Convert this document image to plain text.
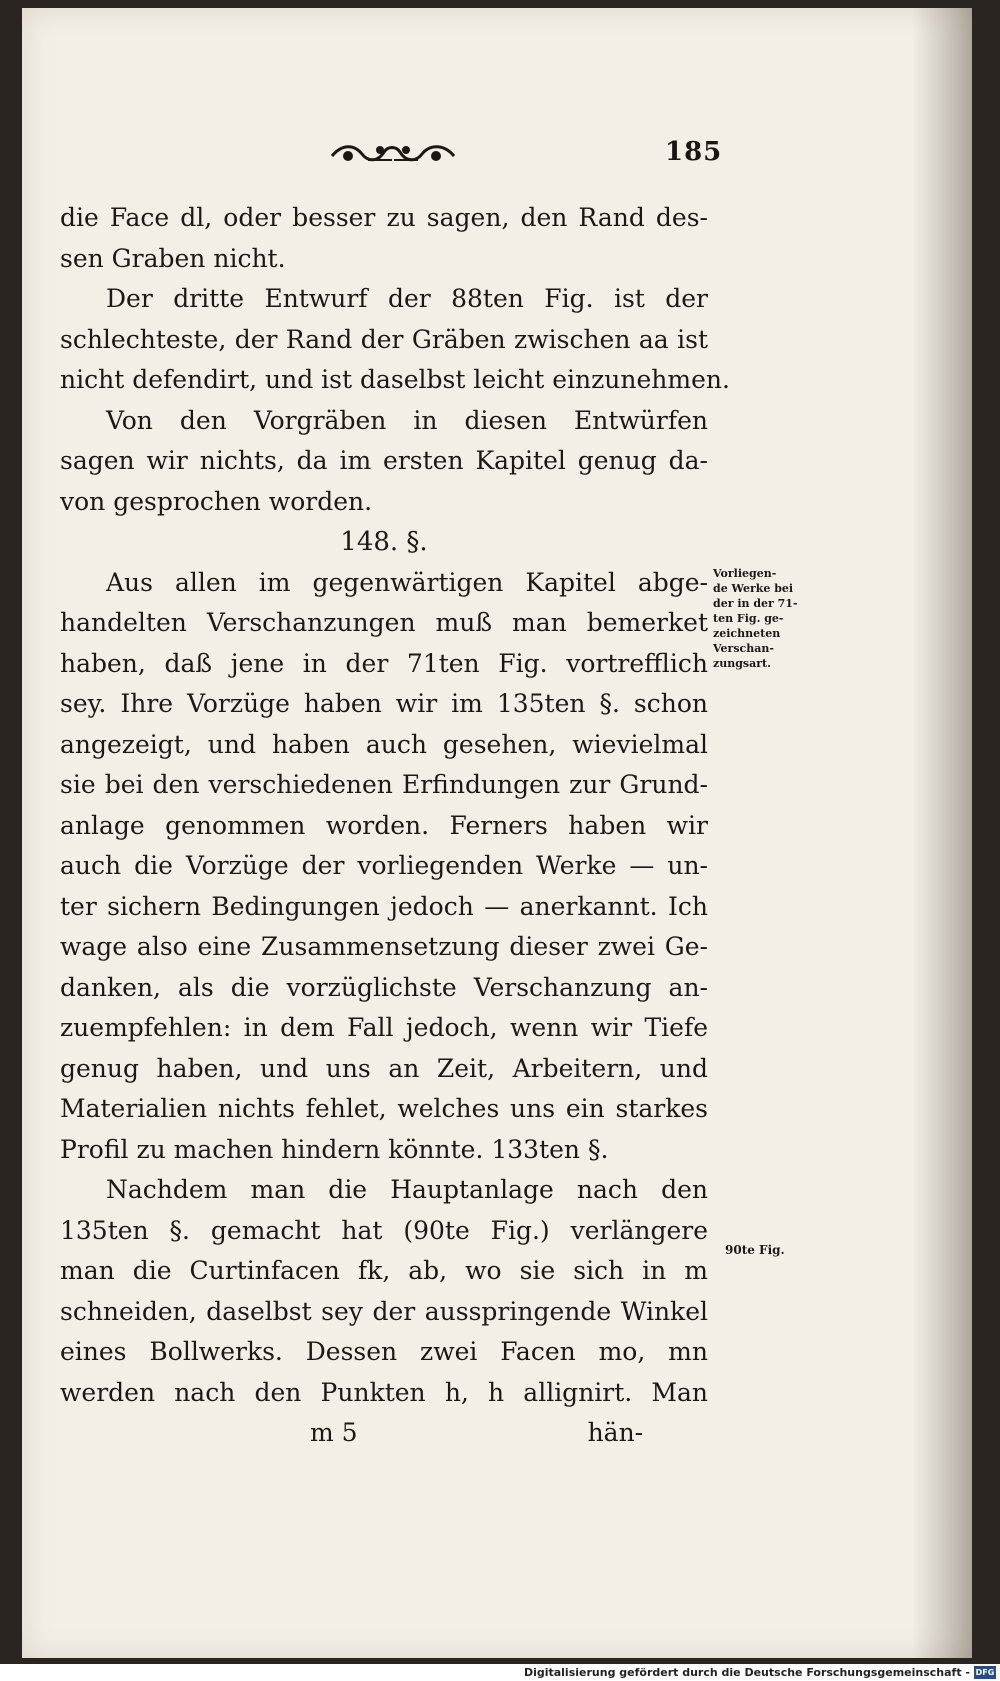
185
die Face dl, oder besser zu sagen, den Rand des-
sen Graben nicht.
Der dritte Entwurf der 88ten Fig. ist der
schlechteste, der Rand der Gräben zwischen aa ist
nicht defendirt, und ist daselbst leicht einzunehmen.
Von den Vorgräben in diesen Entwürfen
sagen wir nichts, da im ersten Kapitel genug da-
von gesprochen worden.
148. §.
Aus allen im gegenwärtigen Kapitel abge-
handelten Verschanzungen muß man bemerket
haben, daß jene in der 71ten Fig. vortrefflich
sey. Ihre Vorzüge haben wir im 135ten §. schon
angezeigt, und haben auch gesehen, wievielmal
sie bei den verschiedenen Erfindungen zur Grund-
anlage genommen worden. Ferners haben wir
auch die Vorzüge der vorliegenden Werke — un-
ter sichern Bedingungen jedoch — anerkannt. Ich
wage also eine Zusammensetzung dieser zwei Ge-
danken, als die vorzüglichste Verschanzung an-
zuempfehlen: in dem Fall jedoch, wenn wir Tiefe
genug haben, und uns an Zeit, Arbeitern, und
Materialien nichts fehlet, welches uns ein starkes
Profil zu machen hindern könnte. 133ten §.
Nachdem man die Hauptanlage nach den
135ten §. gemacht hat (90te Fig.) verlängere
man die Curtinfacen fk, ab, wo sie sich in m
schneiden, daselbst sey der ausspringende Winkel
eines Bollwerks. Dessen zwei Facen mo, mn
werden nach den Punkten h, h allignirt. Man
m 5	hän-
Vorliegen-
de Werke bei
der in der 71-
ten Fig. ge-
zeichneten
Verschan-
zungsart.
90te Fig.
Digitalisierung gefördert durch die Deutsche Forschungsgemeinschaft - DFG
